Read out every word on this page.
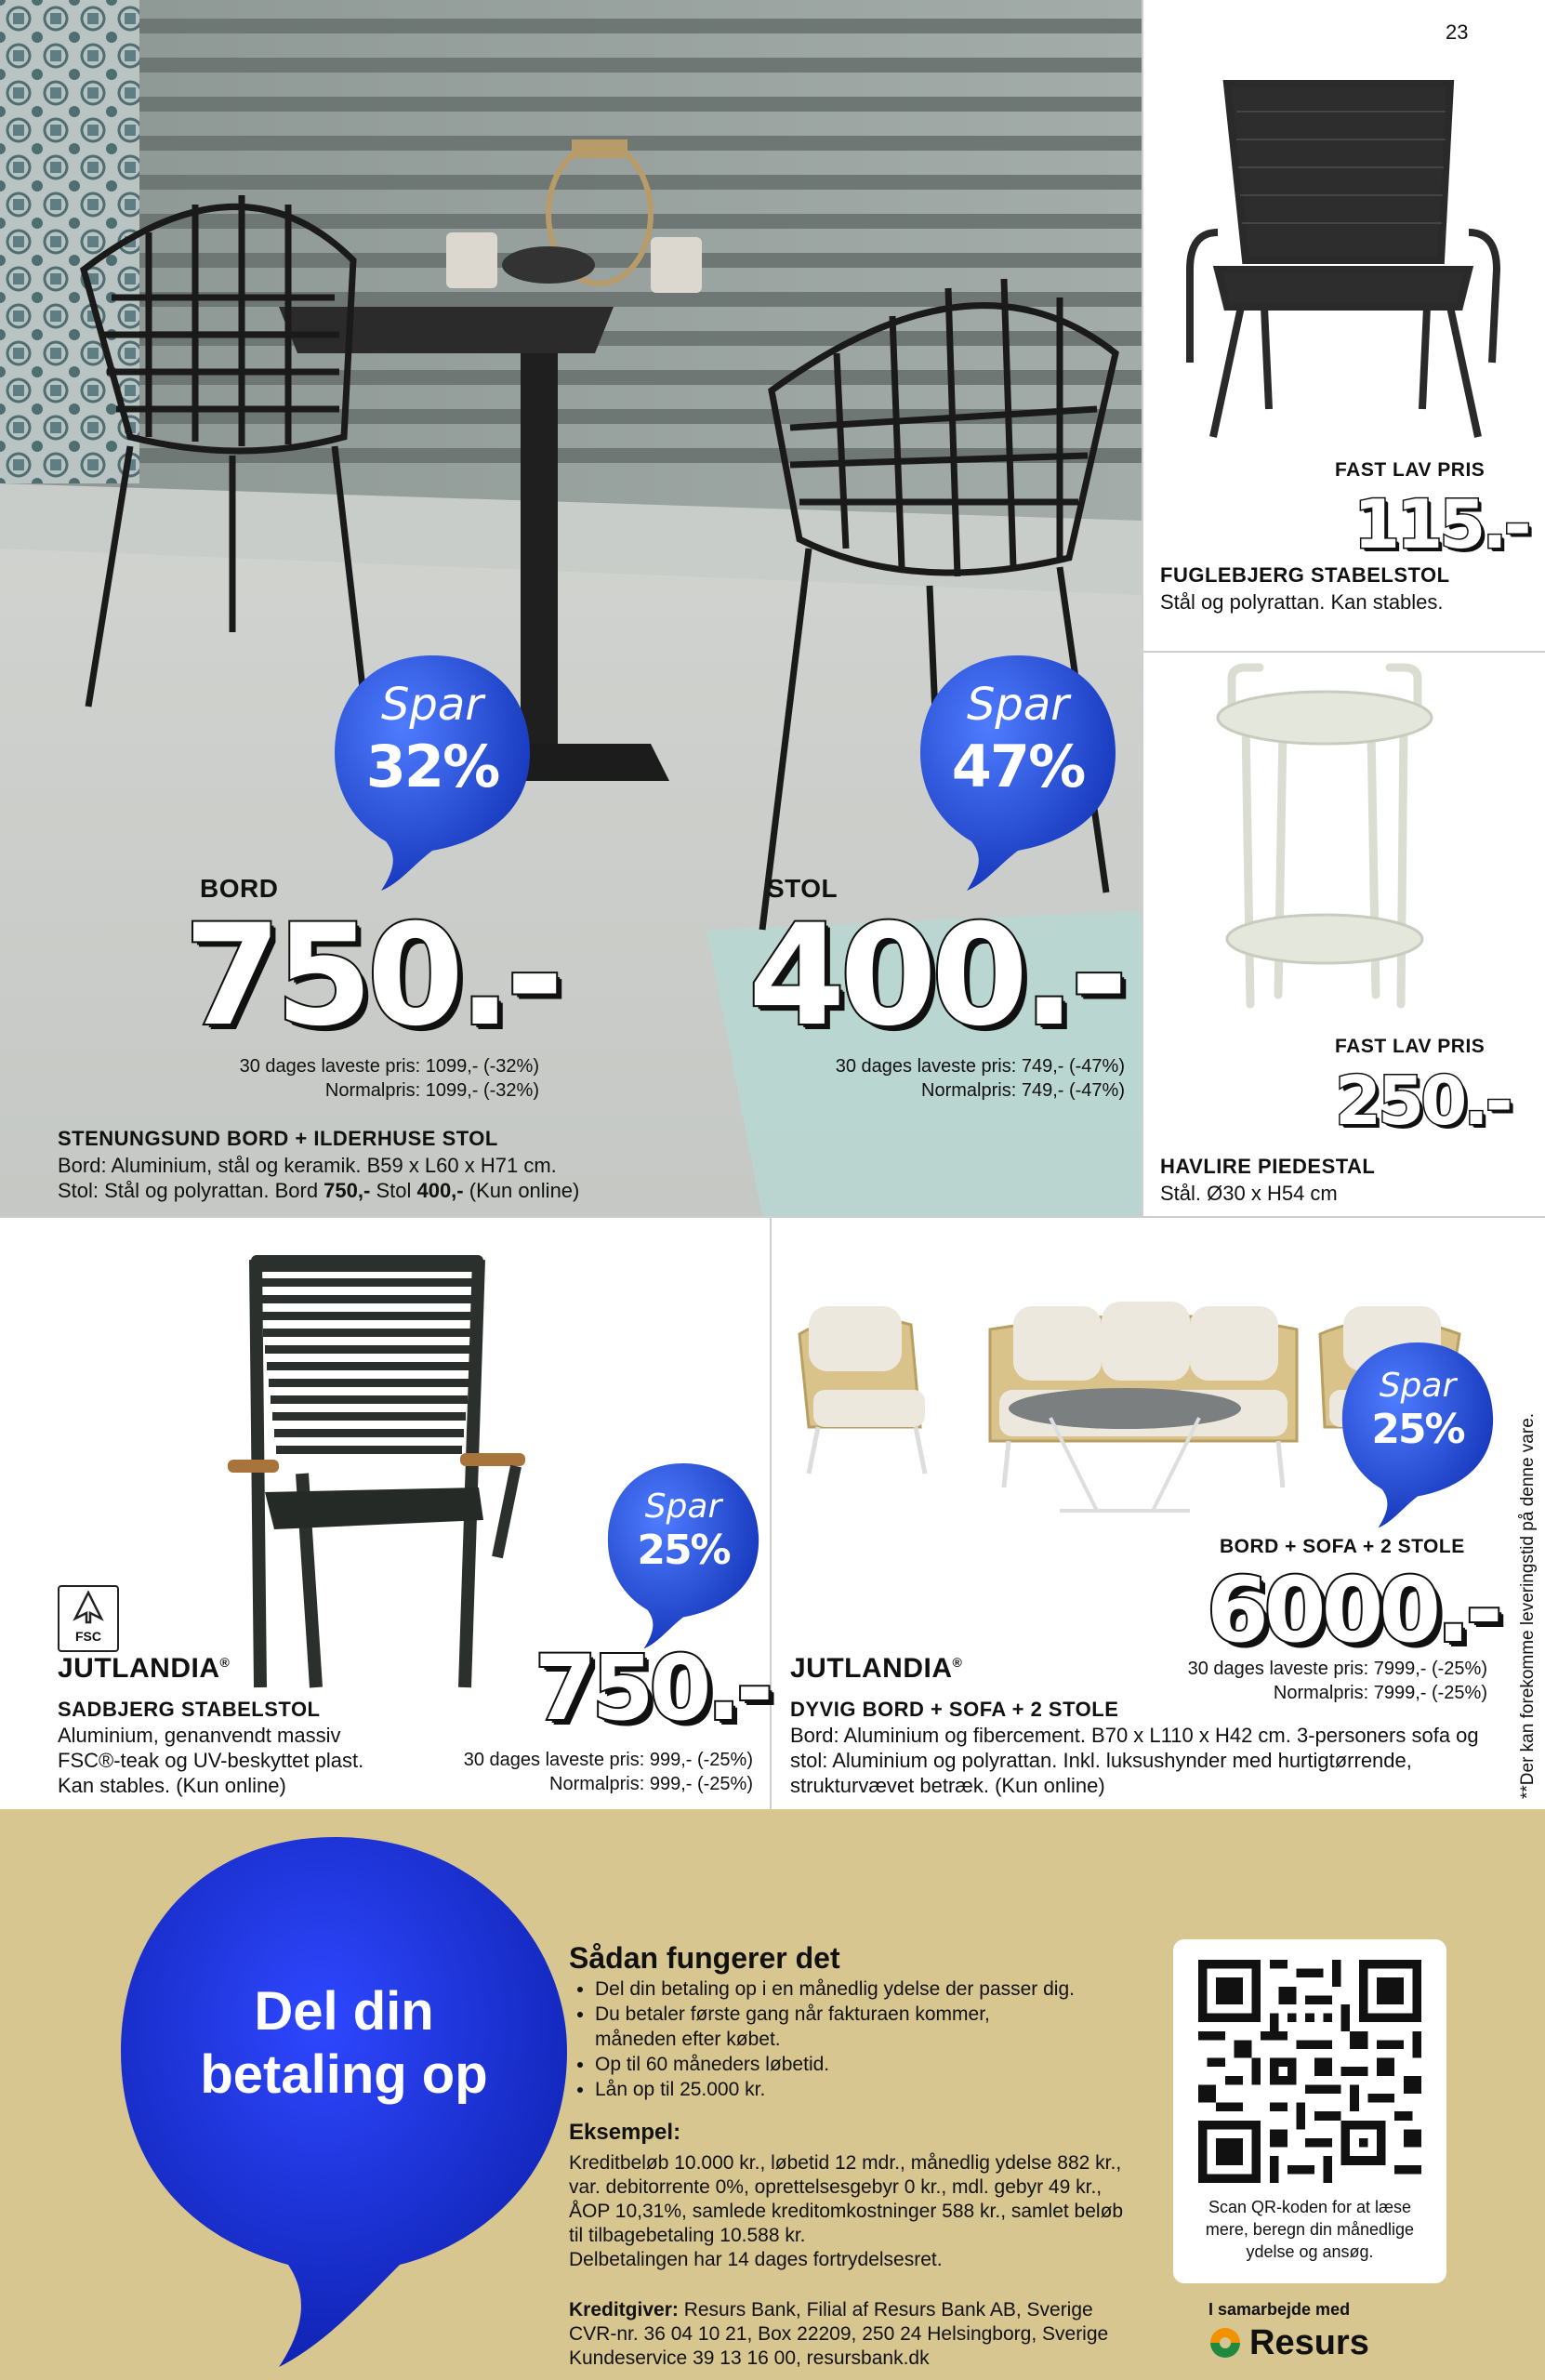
Spar
32%
Spar
47%
BORD
750.-
30 dages laveste pris: 1099,- (-32%)
Normalpris: 1099,- (-32%)
STOL
400.-
30 dages laveste pris: 749,- (-47%)
Normalpris: 749,- (-47%)
STENUNGSUND BORD + ILDERHUSE STOL
Bord: Aluminium, stål og keramik. B59 x L60 x H71 cm.
Stol: Stål og polyrattan. Bord 750,- Stol 400,- (Kun online)
23
FAST LAV PRIS
115.-
FUGLEBJERG STABELSTOL
Stål og polyrattan. Kan stables.
FAST LAV PRIS
250.-
HAVLIRE PIEDESTAL
Stål. Ø30 x H54 cm
FSC
JUTLANDIA®
SADBJERG STABELSTOL
Aluminium, genanvendt massiv
FSC®-teak og UV-beskyttet plast.
Kan stables. (Kun online)
Spar
25%
750.-
30 dages laveste pris: 999,- (-25%)
Normalpris: 999,- (-25%)
Spar
25%
BORD + SOFA + 2 STOLE
6000.-
30 dages laveste pris: 7999,- (-25%)
Normalpris: 7999,- (-25%)
JUTLANDIA®
DYVIG BORD + SOFA + 2 STOLE
Bord: Aluminium og fibercement. B70 x L110 x H42 cm. 3-personers sofa og
stol: Aluminium og polyrattan. Inkl. luksushynder med hurtigtørrende,
strukturvævet betræk. (Kun online)	**Der kan forekomme leveringstid på denne vare.
Del din
betaling op
Sådan fungerer det
• Del din betaling op i en månedlig ydelse der passer dig.
• Du betaler første gang når fakturaen kommer,
måneden efter købet.
• Op til 60 måneders løbetid.
• Lån op til 25.000 kr.
Eksempel:
Kreditbeløb 10.000 kr., løbetid 12 mdr., månedlig ydelse 882 kr.,
var. debitorrente 0%, oprettelsesgebyr 0 kr., mdl. gebyr 49 kr.,
ÅOP 10,31%, samlede kreditomkostninger 588 kr., samlet beløb
til tilbagebetaling 10.588 kr.
Delbetalingen har 14 dages fortrydelsesret.
Kreditgiver: Resurs Bank, Filial af Resurs Bank AB, Sverige
CVR-nr. 36 04 10 21, Box 22209, 250 24 Helsingborg, Sverige
Kundeservice 39 13 16 00, resursbank.dk
Scan QR-koden for at læse
mere, beregn din månedlige
ydelse og ansøg.
I samarbejde med
Resurs
